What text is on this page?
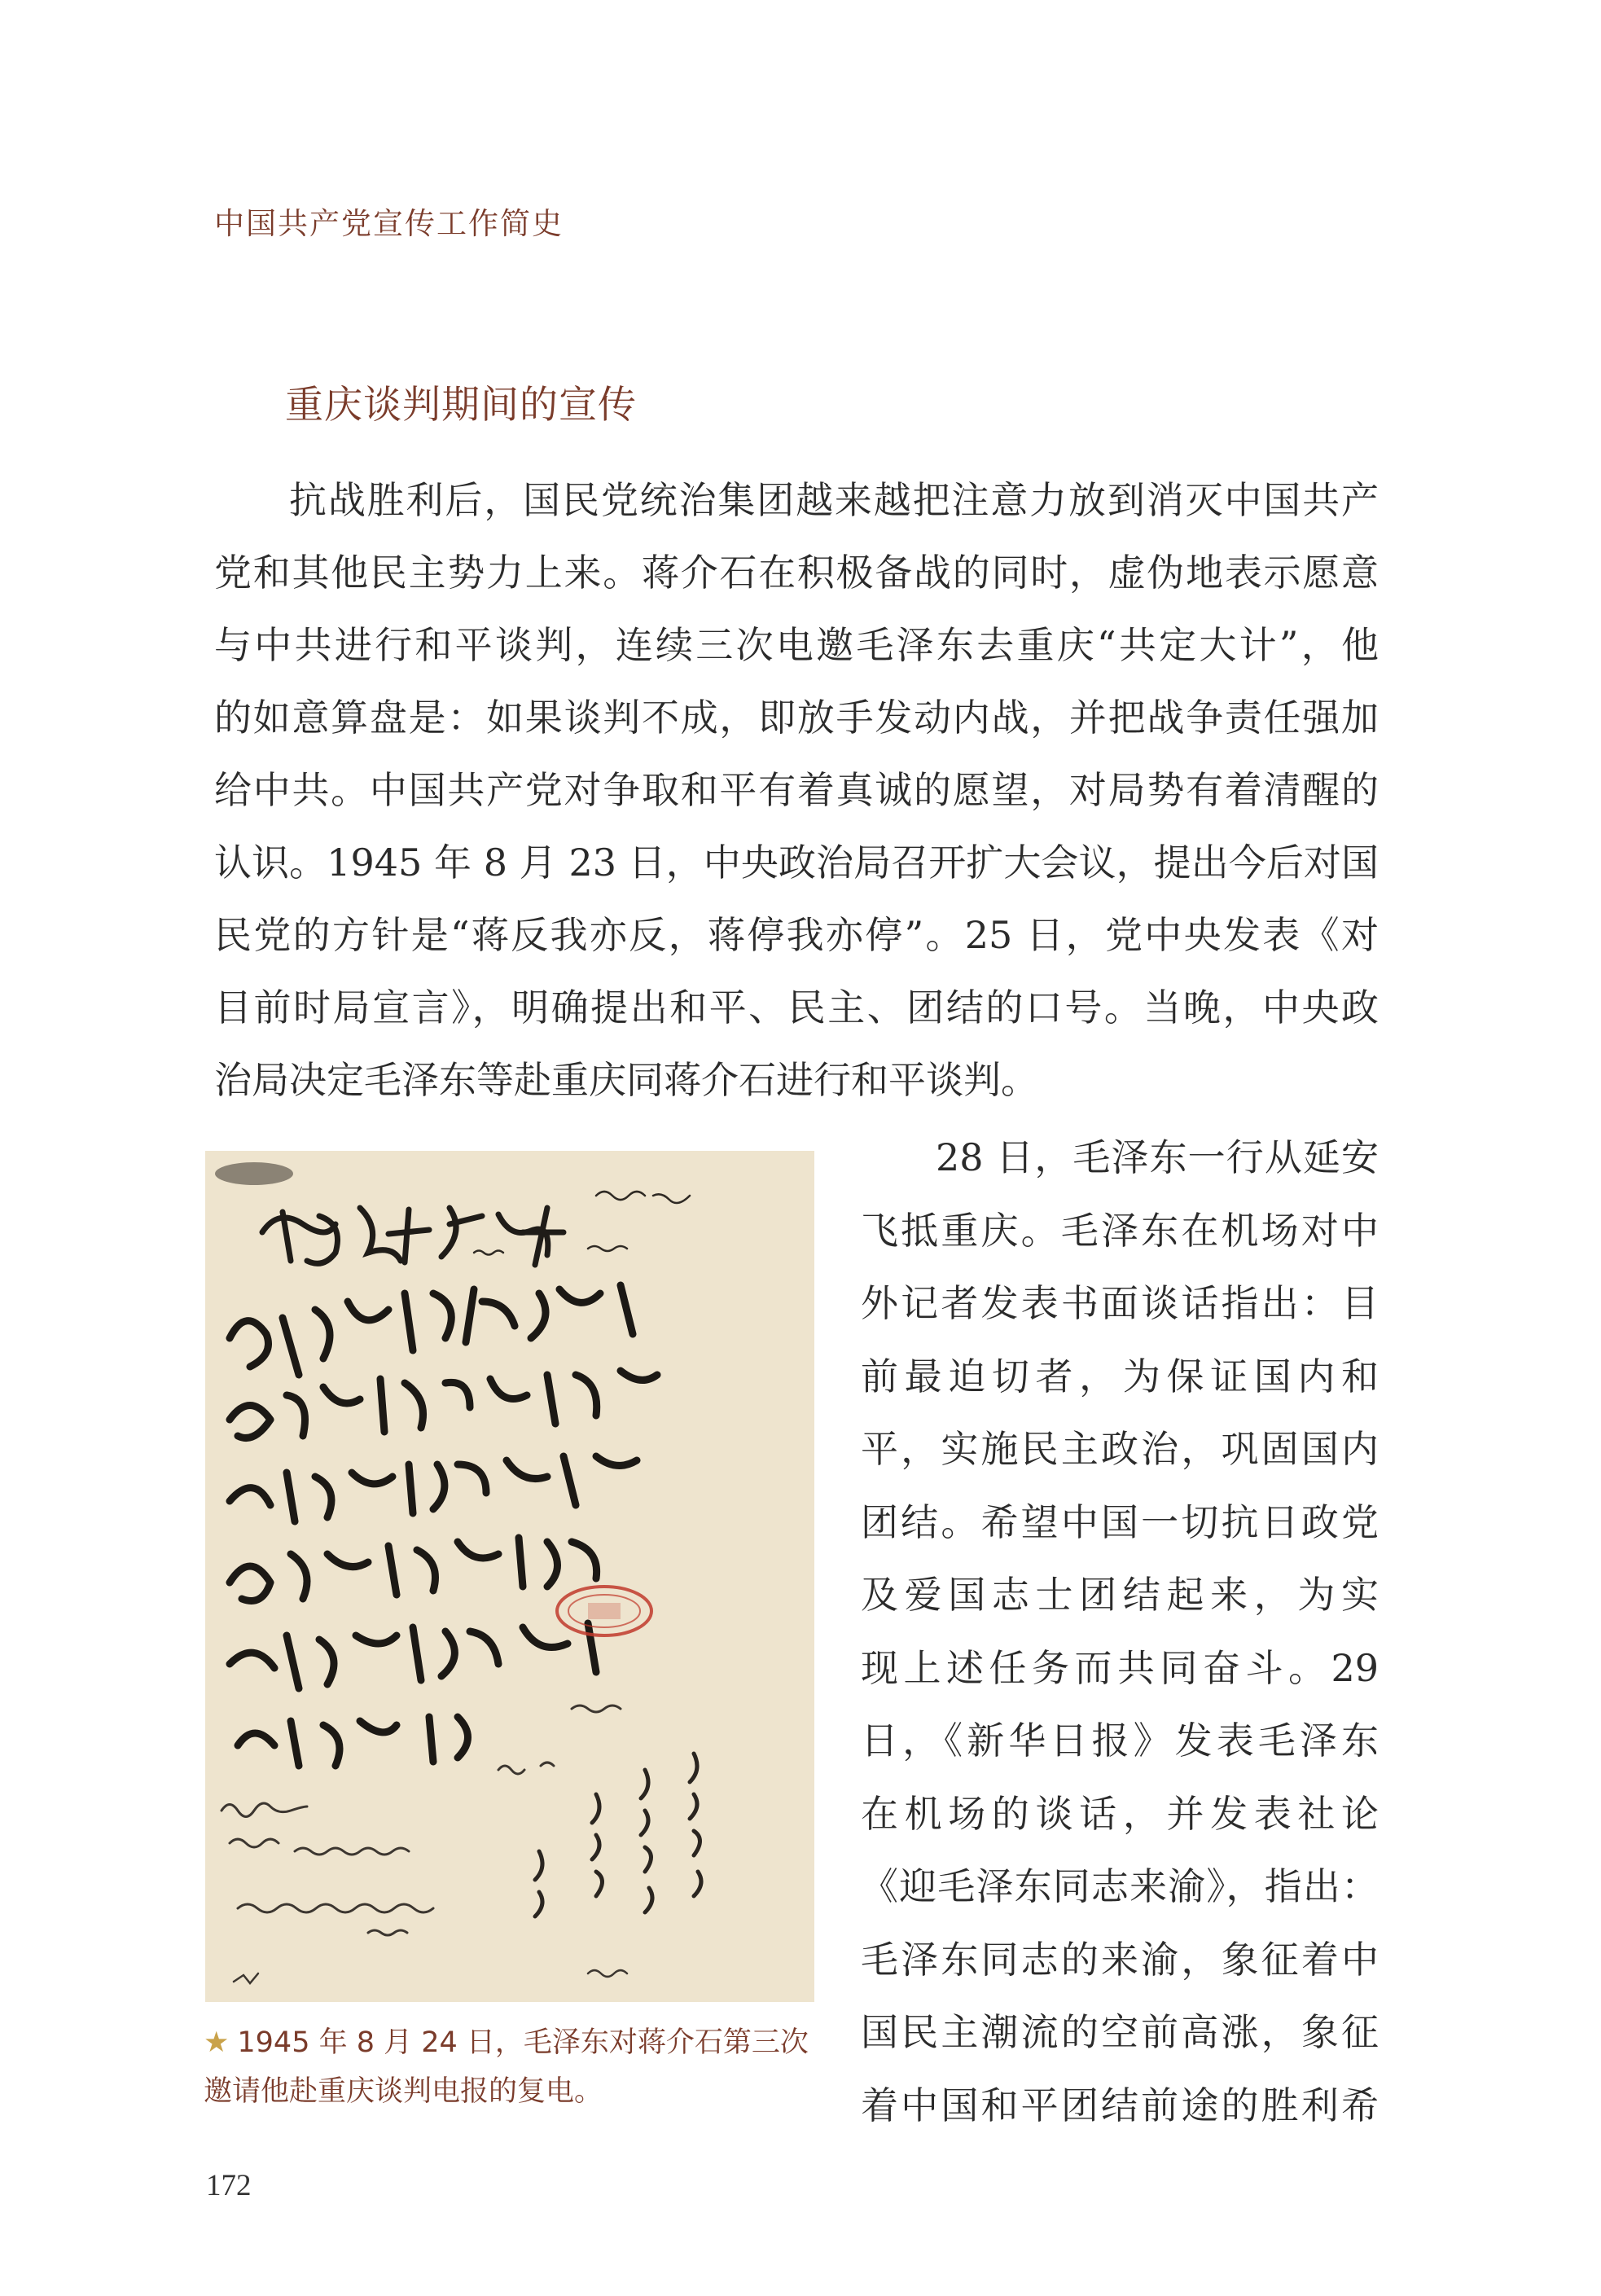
中国共产党宣传工作简史
重庆谈判期间的宣传
抗战胜利后，国民党统治集团越来越把注意力放到消灭中国共产
党和其他民主势力上来。蒋介石在积极备战的同时，虚伪地表示愿意
与中共进行和平谈判，连续三次电邀毛泽东去重庆“共定大计”，他
的如意算盘是：如果谈判不成，即放手发动内战，并把战争责任强加
给中共。中国共产党对争取和平有着真诚的愿望，对局势有着清醒的
认识。1945 年 8 月 23 日，中央政治局召开扩大会议，提出今后对国
民党的方针是“蒋反我亦反，蒋停我亦停”。25 日，党中央发表《对
目前时局宣言》，明确提出和平、民主、团结的口号。当晚，中央政
治局决定毛泽东等赴重庆同蒋介石进行和平谈判。
★ 1945 年 8 月 24 日，毛泽东对蒋介石第三次
邀请他赴重庆谈判电报的复电。
28 日，毛泽东一行从延安
飞抵重庆。毛泽东在机场对中
外记者发表书面谈话指出：目
前最迫切者，为保证国内和
平，实施民主政治，巩固国内
团结。希望中国一切抗日政党
及爱国志士团结起来，为实
现上述任务而共同奋斗。29
日，《新华日报》发表毛泽东
在机场的谈话，并发表社论
《迎毛泽东同志来渝》，指出：
毛泽东同志的来渝，象征着中
国民主潮流的空前高涨，象征
着中国和平团结前途的胜利希
172
